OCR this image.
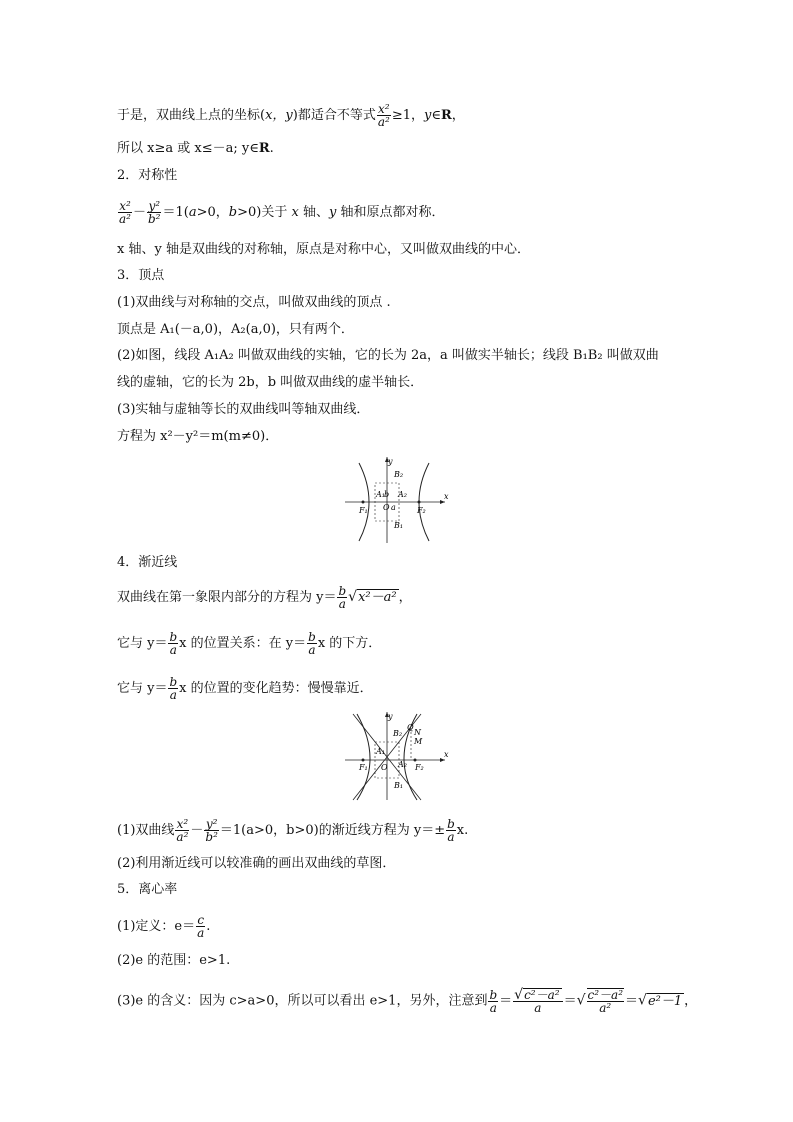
于是，双曲线上点的坐标(x，y)都适合不等式 $\frac{\text{x²}}{\text{a²}} \ge 1$，y∈R，
所以 x≥a 或 x≤－a; y∈R.
2．对称性
$\frac{\text{x²}}{\text{a²}} - \frac{\text{y²}}{\text{b²}} =1(a>0$，b>0)关于 x 轴、y 轴和原点都对称．
x 轴、y 轴是双曲线的对称轴，原点是对称中心，又叫做双曲线的中心．
3．顶点
(1)双曲线与对称轴的交点，叫做双曲线的顶点 .
顶点是 A₁(－a,0)，A₂(a,0)，只有两个．
(2)如图，线段 A₁A₂ 叫做双曲线的实轴，它的长为 2a，a 叫做实半轴长；线段 B₁B₂ 叫做双曲
线的虚轴，它的长为 2b，b 叫做双曲线的虚半轴长．
(3)实轴与虚轴等长的双曲线叫等轴双曲线．
方程为 x²－y²＝m(m≠0)．
y
x
O
F₁	F₂
A₁ A₂
B₁
B₂
b
a
4．渐近线
双曲线在第一象限内部分的方程为 $y= \frac{b}{a} √x^2-a^2$ ，
它与 $y= \frac{b}{a}$ x 的位置关系：在 $y= \frac{b}{a}$ x 的下方．
它与 $y= \frac{b}{a}$ x 的位置的变化趋势：慢慢靠近．
y
x
O
F₁	F₂
A₁
A₂
B₁
B₂
Q
N
M
(1)双曲线 $\frac{\text{x²}}{\text{a²}} - \frac{\text{y²}}{\text{b²}} =1(a>0$，b>0)的渐近线方程为 $y=\pm \frac{b}{a} x$.
(2)利用渐近线可以较准确的画出双曲线的草图．
5．离心率
(1)定义：$e= \frac{c}{a}$ .
(2)e 的范围：e>1.
(3)e 的含义：因为 c>a>0，所以可以看出 e>1，另外，注意到 $\frac{b}{a} = \frac{\text{√c²－a²}}{a}$ ＝√ $\frac{\text{c²－a²}}{\text{a²}} =√e^2-1$ ，
